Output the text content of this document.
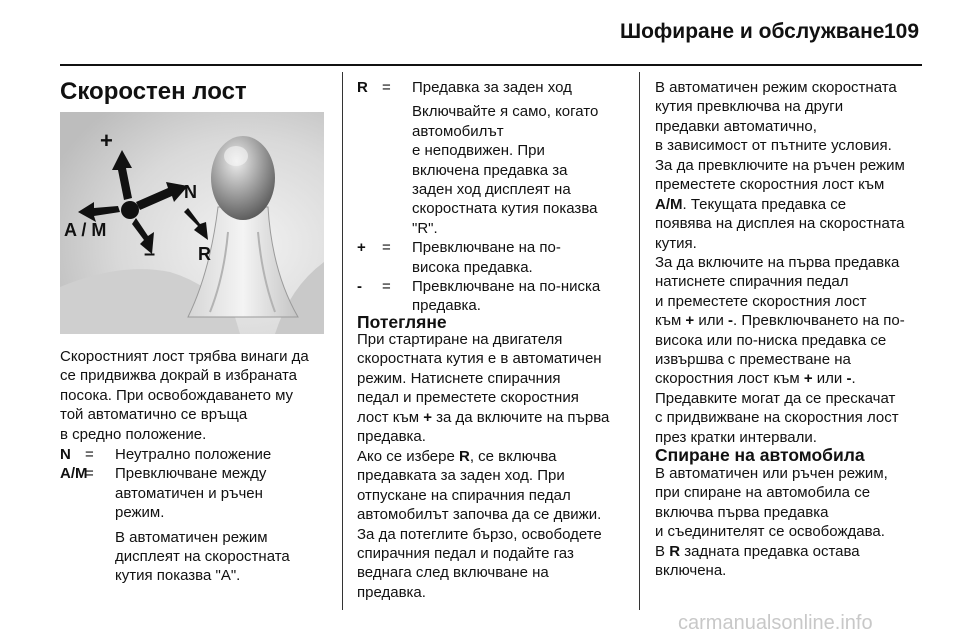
Шофиране и обслужване 109
Скоростен лост
+
–
A / M
N
R

Скоростният лост трябва винаги да
се придвижва докрай в избраната
посока. При освобождаването му
той автоматично се връща
в средно положение.

N = Неутрално положение

A/M
= Превключване между
автоматичен и ръчен
режим.

В автоматичен режим
дисплеят на скоростната
кутия показва "A".

R = Предавка за заден ход

Включвайте я само, когато
автомобилът
е неподвижен. При
включена предавка за
заден ход дисплеят на
скоростната кутия показва
"R".

+ = Превключване на по-
висока предавка.

- = Превключване на по-ниска
предавка.

Потегляне

При стартиране на двигателя
скоростната кутия е в автоматичен
режим. Натиснете спирачния
педал и преместете скоростния
лост към + за да включите на първа
предавка.

Ако се избере R, се включва
предавката за заден ход. При
отпускане на спирачния педал
автомобилът започва да се движи.
За да потеглите бързо, освободете
спирачния педал и подайте газ
веднага след включване на
предавка.

В автоматичен режим скоростната
кутия превключва на други
предавки автоматично,
в зависимост от пътните условия.

За да превключите на ръчен режим
преместете скоростния лост към
A/M. Текущата предавка се
появява на дисплея на скоростната
кутия.

За да включите на първа предавка
натиснете спирачния педал
и преместете скоростния лост
към + или -. Превключването на по-
висока или по-ниска предавка се
извършва с преместване на
скоростния лост към + или -.
Предавките могат да се прескачат
с придвижване на скоростния лост
през кратки интервали.

Спиране на автомобила

В автоматичен или ръчен режим,
при спиране на автомобила се
включва първа предавка
и съединителят се освобождава.
В R задната предавка остава
включена.

carmanualsonline.info
